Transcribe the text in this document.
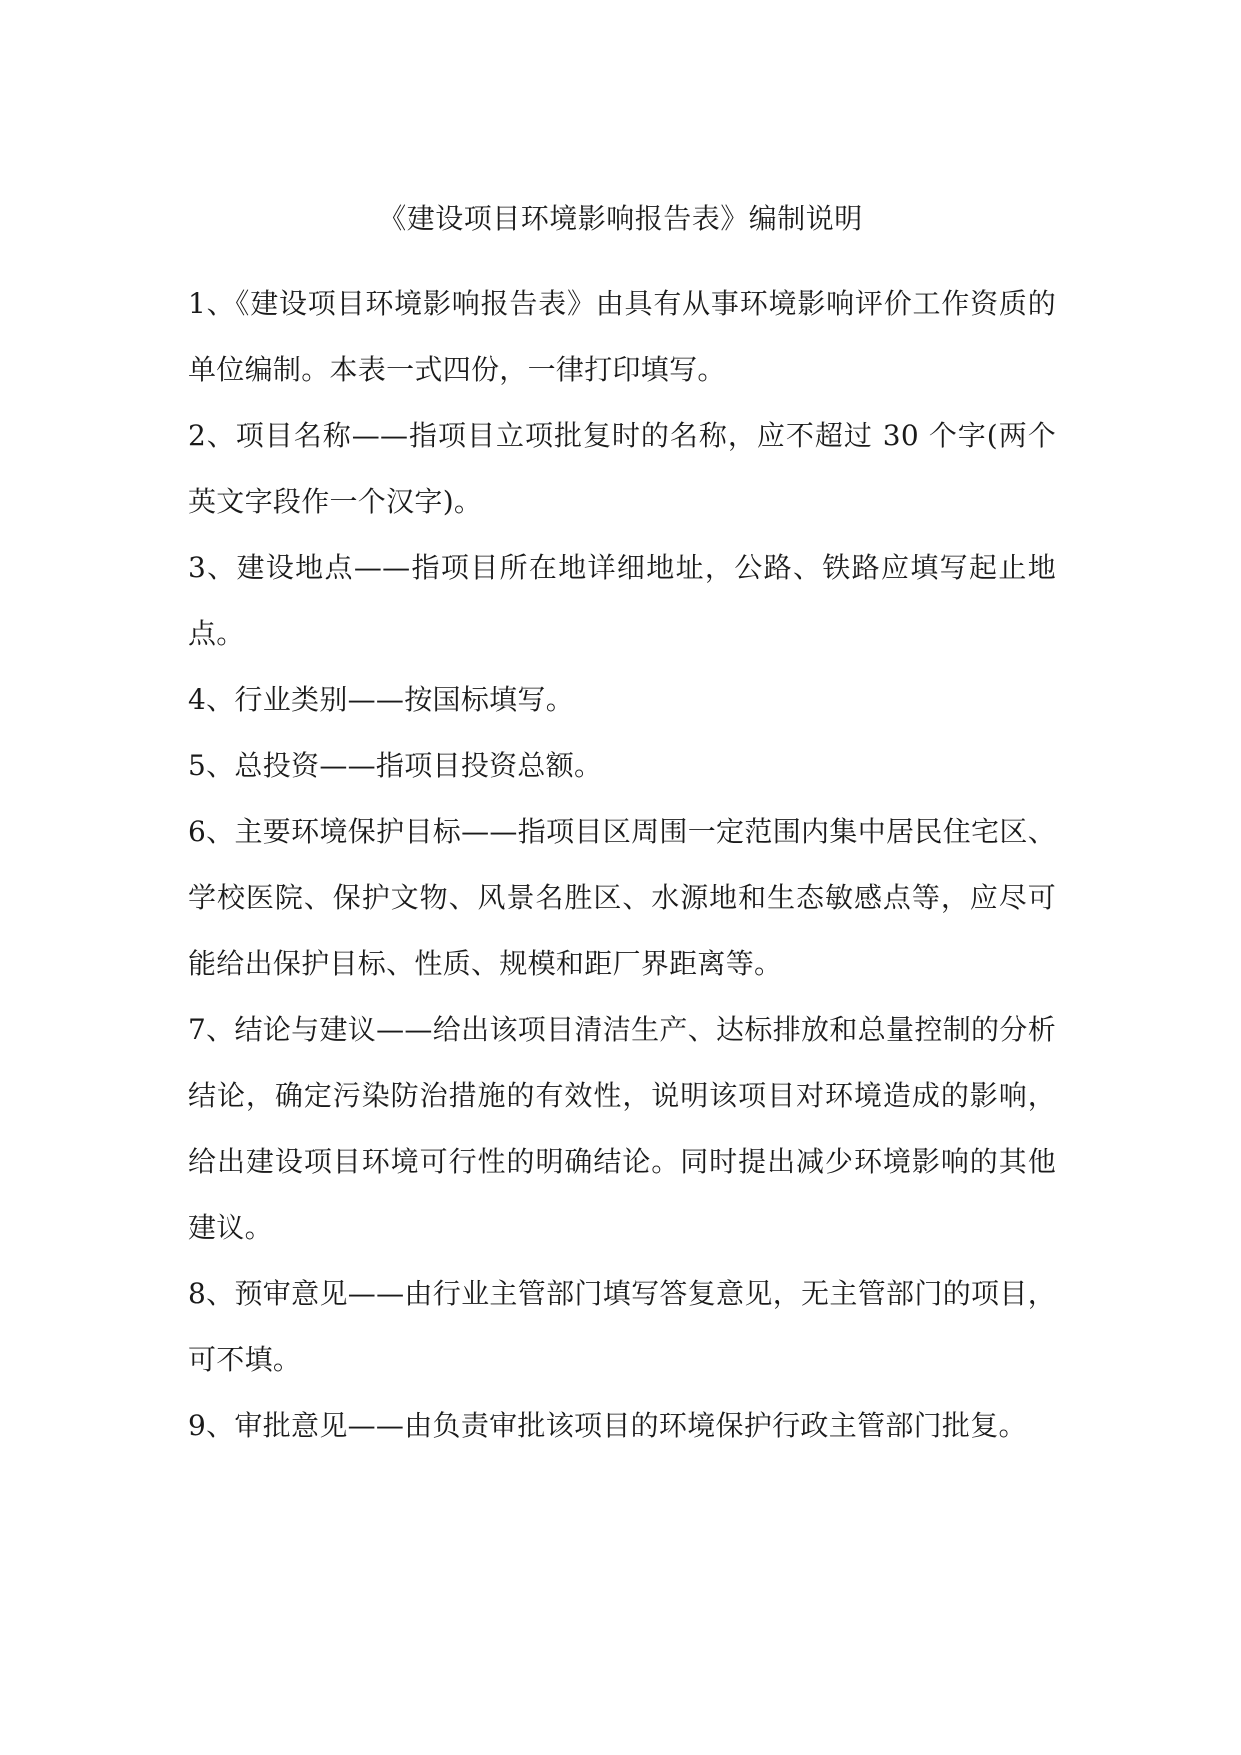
《建设项目环境影响报告表》编制说明

1、《建设项目环境影响报告表》由具有从事环境影响评价工作资质的单位编制。本表一式四份，一律打印填写。

2、项目名称——指项目立项批复时的名称，应不超过 30 个字(两个英文字段作一个汉字)。

3、建设地点——指项目所在地详细地址，公路、铁路应填写起止地点。

4、行业类别——按国标填写。

5、总投资——指项目投资总额。

6、主要环境保护目标——指项目区周围一定范围内集中居民住宅区、学校医院、保护文物、风景名胜区、水源地和生态敏感点等，应尽可能给出保护目标、性质、规模和距厂界距离等。

7、结论与建议——给出该项目清洁生产、达标排放和总量控制的分析结论，确定污染防治措施的有效性，说明该项目对环境造成的影响，给出建设项目环境可行性的明确结论。同时提出减少环境影响的其他建议。

8、预审意见——由行业主管部门填写答复意见，无主管部门的项目，可不填。

9、审批意见——由负责审批该项目的环境保护行政主管部门批复。
